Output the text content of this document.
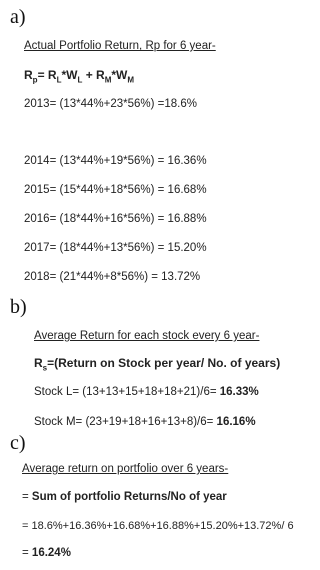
a)
Actual Portfolio Return, Rp for 6 year-
$R_p= R_L*W_L + R_M*W_M$
2013= (13*44%+23*56%) =18.6%
2014= (13*44%+19*56%) = 16.36%
2015= (15*44%+18*56%) = 16.68%
2016= (18*44%+16*56%) = 16.88%
2017= (18*44%+13*56%) = 15.20%
2018= (21*44%+8*56%) = 13.72%
b)
Average Return for each stock every 6 year-
$R_s=(Return$ on Stock per year/ No. of years)
Stock L= (13+13+15+18+18+21)/6= 16.33%
Stock M= (23+19+18+16+13+8)/6= 16.16%
c)
Average return on portfolio over 6 years-
= Sum of portfolio Returns/No of year
= 18.6%+16.36%+16.68%+16.88%+15.20%+13.72%/ 6
= 16.24%
